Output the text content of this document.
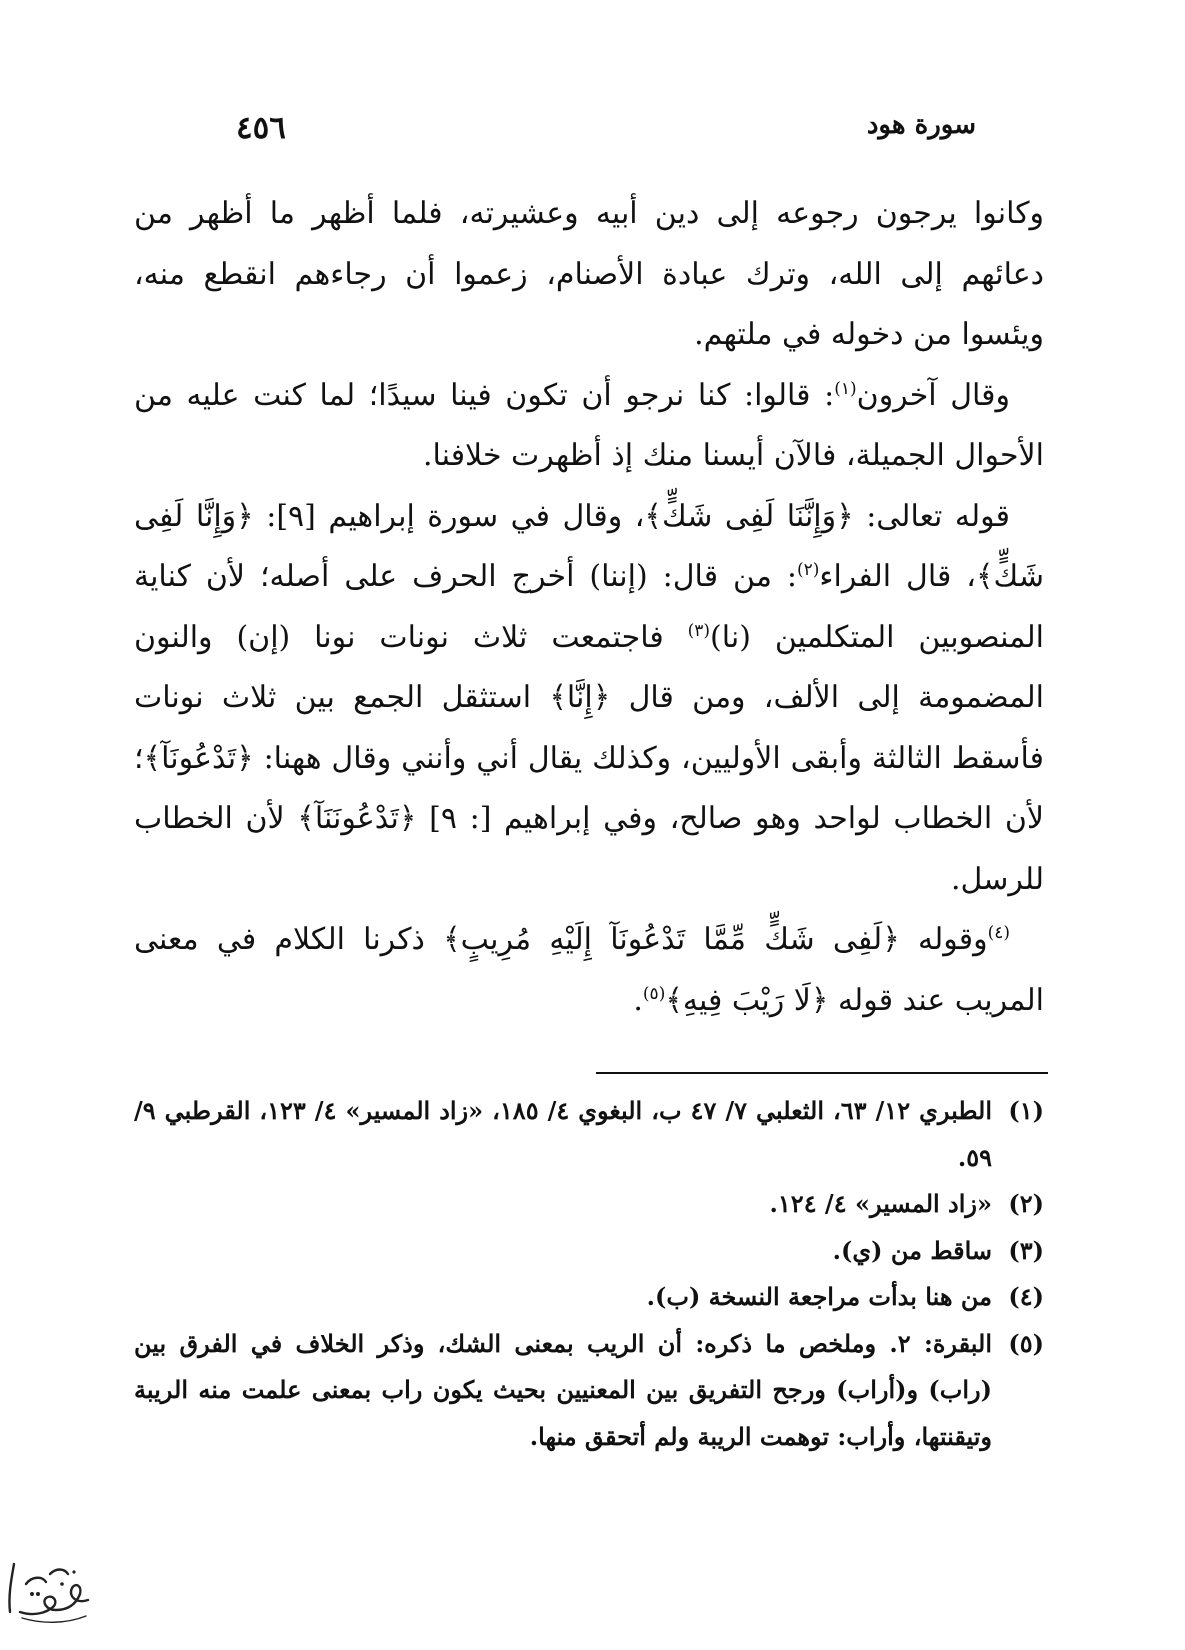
٤٥٦	سورة هود

وكانوا يرجون رجوعه إلى دين أبيه وعشيرته، فلما أظهر ما أظهر من دعائهم إلى الله، وترك عبادة الأصنام، زعموا أن رجاءهم انقطع منه، ويئسوا من دخوله في ملتهم.

وقال آخرون$^{(١)}$: قالوا: كنا نرجو أن تكون فينا سيدًا؛ لما كنت عليه من الأحوال الجميلة، فالآن أيسنا منك إذ أظهرت خلافنا.

قوله تعالى: ﴿وَإِنَّنَا لَفِى شَكٍّ﴾، وقال في سورة إبراهيم [٩]: ﴿وَإِنَّا لَفِى شَكٍّ﴾، قال الفراء$^{(٢)}$: من قال: (إننا) أخرج الحرف على أصله؛ لأن كناية المنصوبين المتكلمين (نا)$^{(٣)}$ فاجتمعت ثلاث نونات نونا (إن) والنون المضمومة إلى الألف، ومن قال ﴿إِنَّا﴾ استثقل الجمع بين ثلاث نونات فأسقط الثالثة وأبقى الأوليين، وكذلك يقال أني وأنني وقال ههنا: ﴿تَدْعُونَآ﴾؛ لأن الخطاب لواحد وهو صالح، وفي إبراهيم [: ٩] ﴿تَدْعُونَنَآ﴾ لأن الخطاب للرسل.

$^{(٤)}$وقوله ﴿لَفِى شَكٍّ مِّمَّا تَدْعُونَآ إِلَيْهِ مُرِيبٍ﴾ ذكرنا الكلام في معنى المريب عند قوله ﴿لَا رَيْبَ فِيهِ﴾$^{(٥)}$.

(١)
الطبري ١٢/ ٦٣، الثعلبي ٧/ ٤٧ ب، البغوي ٤/ ١٨٥، «زاد المسير» ٤/ ١٢٣، القرطبي ٩/ ٥٩.
(٢)
«زاد المسير» ٤/ ١٢٤.
(٣)
ساقط من (ي).
(٤)
من هنا بدأت مراجعة النسخة (ب).
(٥)
البقرة: ٢. وملخص ما ذكره: أن الريب بمعنى الشك، وذكر الخلاف في الفرق بين (راب) و(أراب) ورجح التفريق بين المعنيين بحيث يكون راب بمعنى علمت منه الريبة وتيقنتها، وأراب: توهمت الريبة ولم أتحقق منها.
